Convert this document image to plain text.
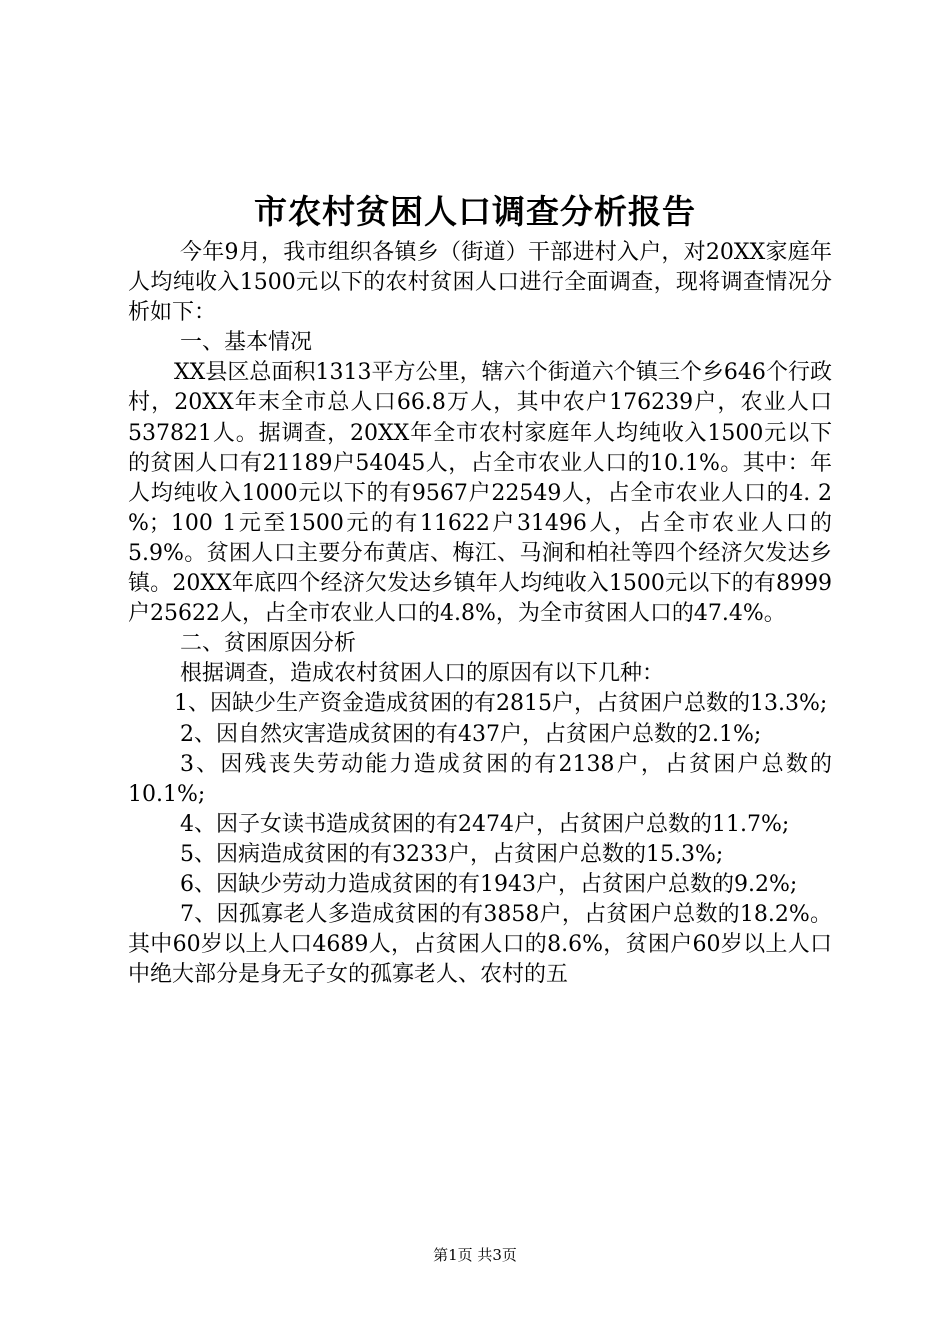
市农村贫困人口调查分析报告

今年9月，我市组织各镇乡（街道）干部进村入户，对20XX家庭年人均纯收入1500元以下的农村贫困人口进行全面调查，现将调查情况分析如下：

一、基本情况

XX县区总面积1313平方公里，辖六个街道六个镇三个乡646个行政村，20XX年末全市总人口66.8万人，其中农户176239户，农业人口537821人。据调查，20XX年全市农村家庭年人均纯收入1500元以下的贫困人口有21189户54045人，占全市农业人口的10.1%。其中：年人均纯收入1000元以下的有9567户22549人，占全市农业人口的4. 2 %；100 1元至1500元的有11622户31496人，占全市农业人口的5.9%。贫困人口主要分布黄店、梅江、马涧和柏社等四个经济欠发达乡镇。20XX年底四个经济欠发达乡镇年人均纯收入1500元以下的有8999户25622人，占全市农业人口的4.8%，为全市贫困人口的47.4%。

二、贫困原因分析

根据调查，造成农村贫困人口的原因有以下几种：

1、因缺少生产资金造成贫困的有2815户，占贫困户总数的13.3%;

2、因自然灾害造成贫困的有437户，占贫困户总数的2.1%;

3、因残丧失劳动能力造成贫困的有2138户，占贫困户总数的10.1%;

4、因子女读书造成贫困的有2474户，占贫困户总数的11.7%;

5、因病造成贫困的有3233户，占贫困户总数的15.3%;

6、因缺少劳动力造成贫困的有1943户，占贫困户总数的9.2%;

7、因孤寡老人多造成贫困的有3858户，占贫困户总数的18.2%。其中60岁以上人口4689人，占贫困人口的8.6%，贫困户60岁以上人口中绝大部分是身无子女的孤寡老人、农村的五

第1页 共3页
